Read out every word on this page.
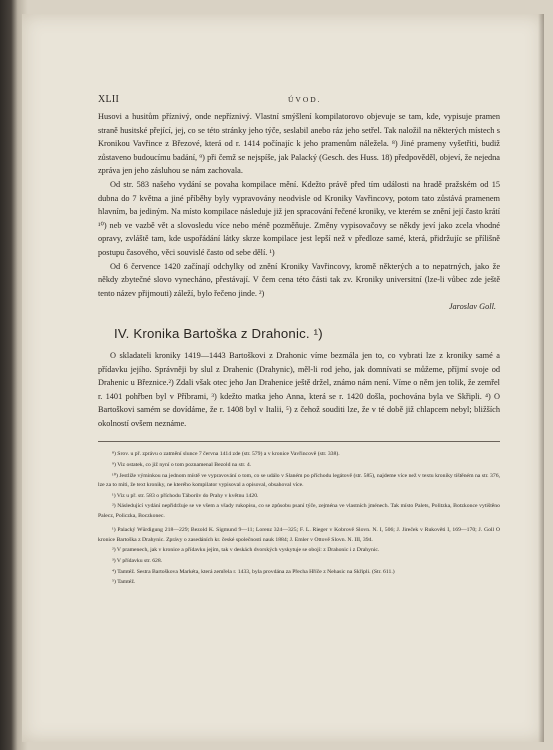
XLII	ÚVOD.

Husovi a husitům příznivý, onde nepříznivý. Vlastní smýšlení kompilatorovo objevuje se tam, kde, vypisuje pramen straně husitské přející, jej, co se této stránky jeho týče, seslabil anebo ráz jeho setřel. Tak naložil na některých místech s Kronikou Vavřince z Březové, která od r. 1414 počínajíc k jeho pramenům náležela. ⁸) Jiné prameny vyšetřiti, budiž zůstaveno budoucímu badání, ⁹) při čemž se nejspíše, jak Palacký (Gesch. des Huss. 18) předpověděl, objeví, že nejedna zpráva jen jeho zásluhou se nám zachovala.

Od str. 583 našeho vydání se povaha kompilace mění. Kdežto právě před tím události na hradě pražském od 15 dubna do 7 května a jiné příběhy byly vypravovány neodvisle od Kroniky Vavřincovy, potom tato zůstává pramenem hlavním, ba jediným. Na místo kompilace následuje již jen spracování řečené kroniky, ve kterém se znění její často krátí ¹⁰) neb ve vazbě vět a slovosledu více nebo méně pozměňuje. Změny vypisovačovy se někdy jeví jako zcela vhodné opravy, zvláště tam, kde uspořádání látky skrze kompilace jest lepší než v předloze samé, která, přidržujíc se přílišně postupu časového, věci souvislé často od sebe dělí. ¹)

Od 6 července 1420 začínají odchylky od znění Kroniky Vavřincovy, kromě některých a to nepatrných, jako že někdy zbytečné slovo vynecháno, přestávají. V čem cena této části tak zv. Kroniky universitní (lze-li vůbec zde ještě tento název přijmouti) záleží, bylo řečeno jinde. ²)

Jaroslav Goll.

IV. Kronika Bartoška z Drahonic. ¹)

O skladateli kroniky 1419—1443 Bartoškovi z Drahonic víme bezmála jen to, co vybrati lze z kroniky samé a přídavku jejího. Správněji by slul z Drahenic (Drahynic), měl-li rod jeho, jak domnívati se můžeme, příjmí svoje od Drahenic u Březnice.²) Zdali však otec jeho Jan Drahenice ještě držel, známo nám není. Víme o něm jen tolik, že zemřel r. 1401 pohřben byl v Příbrami, ³) kdežto matka jeho Anna, která se r. 1420 došla, pochována byla ve Skřipli. ⁴) O Bartoškovi samém se dovídáme, že r. 1408 byl v Italii, ⁵) z čehož souditi lze, že v té době již chlapcem nebyl; bližších okolností ovšem neznáme.

⁸) Srov. u př. zprávu o zatmění slunce 7 června 1414 zde (str. 579) a v kronice Vavřincově (str. 338).

⁹) Viz ostatek, co již nyní o tom poznamenal Bezold na str. 4.

¹⁰) Jestliže výminkou na jednom místě ve vypravování o tom, co se událo v Slaném po příchodu legátově (str. 585), najdeme více než v textu kroniky tištěném na str. 376, lze za to míti, že text kroniky, ne kterého kompilator vypisoval a opisoval, obsahoval více.

¹) Viz u př. str. 583 o příchodu Táborův do Prahy v květnu 1420.

²) Následující vydání nepřidržuje se ve všem a všady rukopisu, co se způsobu psaní týče, zejména ve vlastních jménech. Tak místo Palets, Politzka, Botzkonce vytištěno Palecz, Policzka, Boczkonec.

¹) Palacký Würdigung 218—229; Bezold K. Sigmund 9—11; Lorenz 324—325; F. L. Rieger v Kobrově Slovn. N. I, 506; J. Jireček v Rukověti I, 169—170; J. Goll O kronice Bartoška z Drahynic. Zprávy o zasedáních kr. české společnosti nauk 1884; J. Emler v Ottově Slovn. N. III, 394.

²) V pramenech, jak v kronice a přídavku jejím, tak v deskách dvorských vyskytuje se obojí: z Drahonic i z Drahynic.

³) V přídavku str. 628.

⁴) Tamtéž. Sestra Bartoškova Markéta, která zemřela r. 1433, byla provdána za Přecha Hříče z Nehasic na Skřipli. (Str. 611.)

⁵) Tamtéž.
